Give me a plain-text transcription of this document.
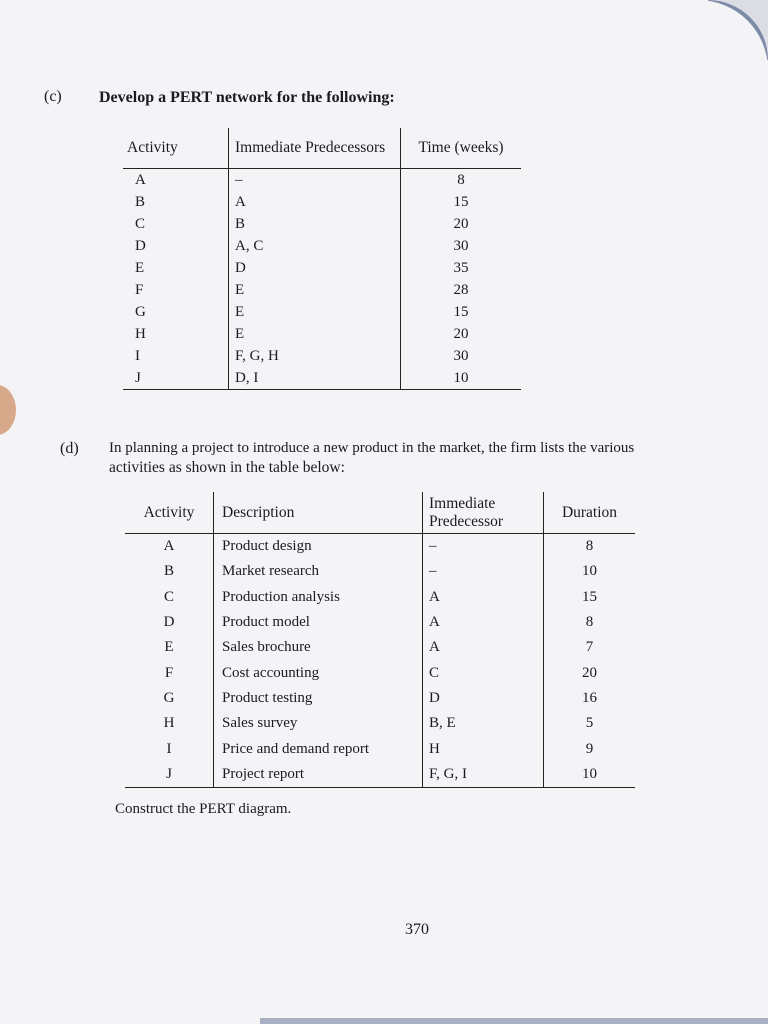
(c) Develop a PERT network for the following:
Activity	Immediate Predecessors	Time (weeks)
A	–	8
B	A	15
C	B	20
D	A, C	30
E	D	35
F	E	28
G	E	15
H	E	20
I	F, G, H	30
J	D, I	10
(d) In planning a project to introduce a new product in the market, the firm lists the various
activities as shown in the table below:
Activity	Description	Immediate Predecessor	Duration
A	Product design	–	8
B	Market research	–	10
C	Production analysis	A	15
D	Product model	A	8
E	Sales brochure	A	7
F	Cost accounting	C	20
G	Product testing	D	16
H	Sales survey	B, E	5
I	Price and demand report	H	9
J	Project report	F, G, I	10
Construct the PERT diagram.
370
